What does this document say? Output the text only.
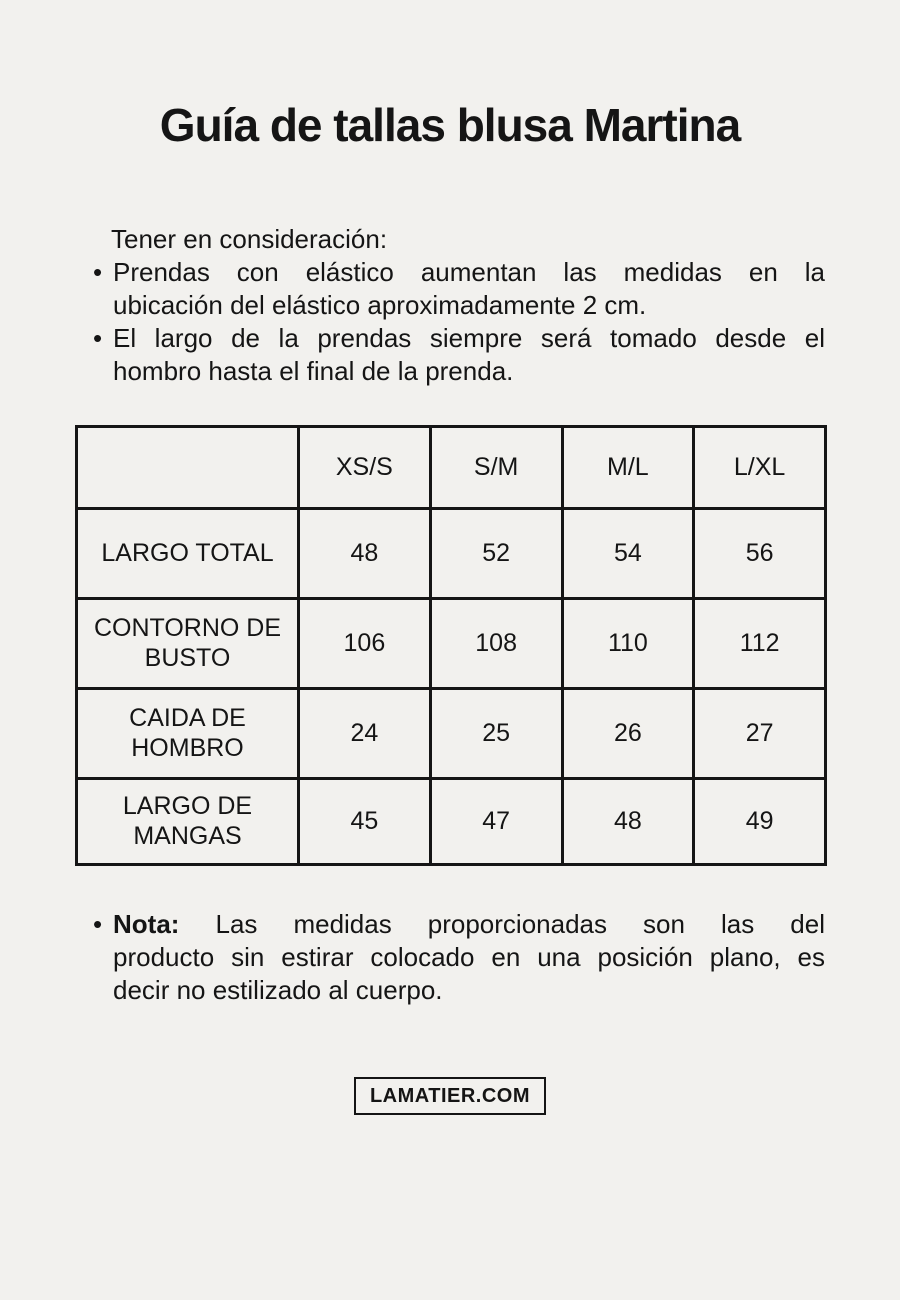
Guía de tallas blusa Martina
Tener en consideración:
• Prendas con elástico aumentan las medidas en la
ubicación del elástico aproximadamente 2 cm.
• El largo de la prendas siempre será tomado desde el
hombro hasta el final de la prenda.
	XS/S	S/M	M/L	L/XL
LARGO TOTAL	48	52	54	56
CONTORNO DE BUSTO	106	108	110	112
CAIDA DE HOMBRO	24	25	26	27
LARGO DE MANGAS	45	47	48	49
• Nota: Las medidas proporcionadas son las del
producto sin estirar colocado en una posición plano, es
decir no estilizado al cuerpo.
LAMATIER.COM
